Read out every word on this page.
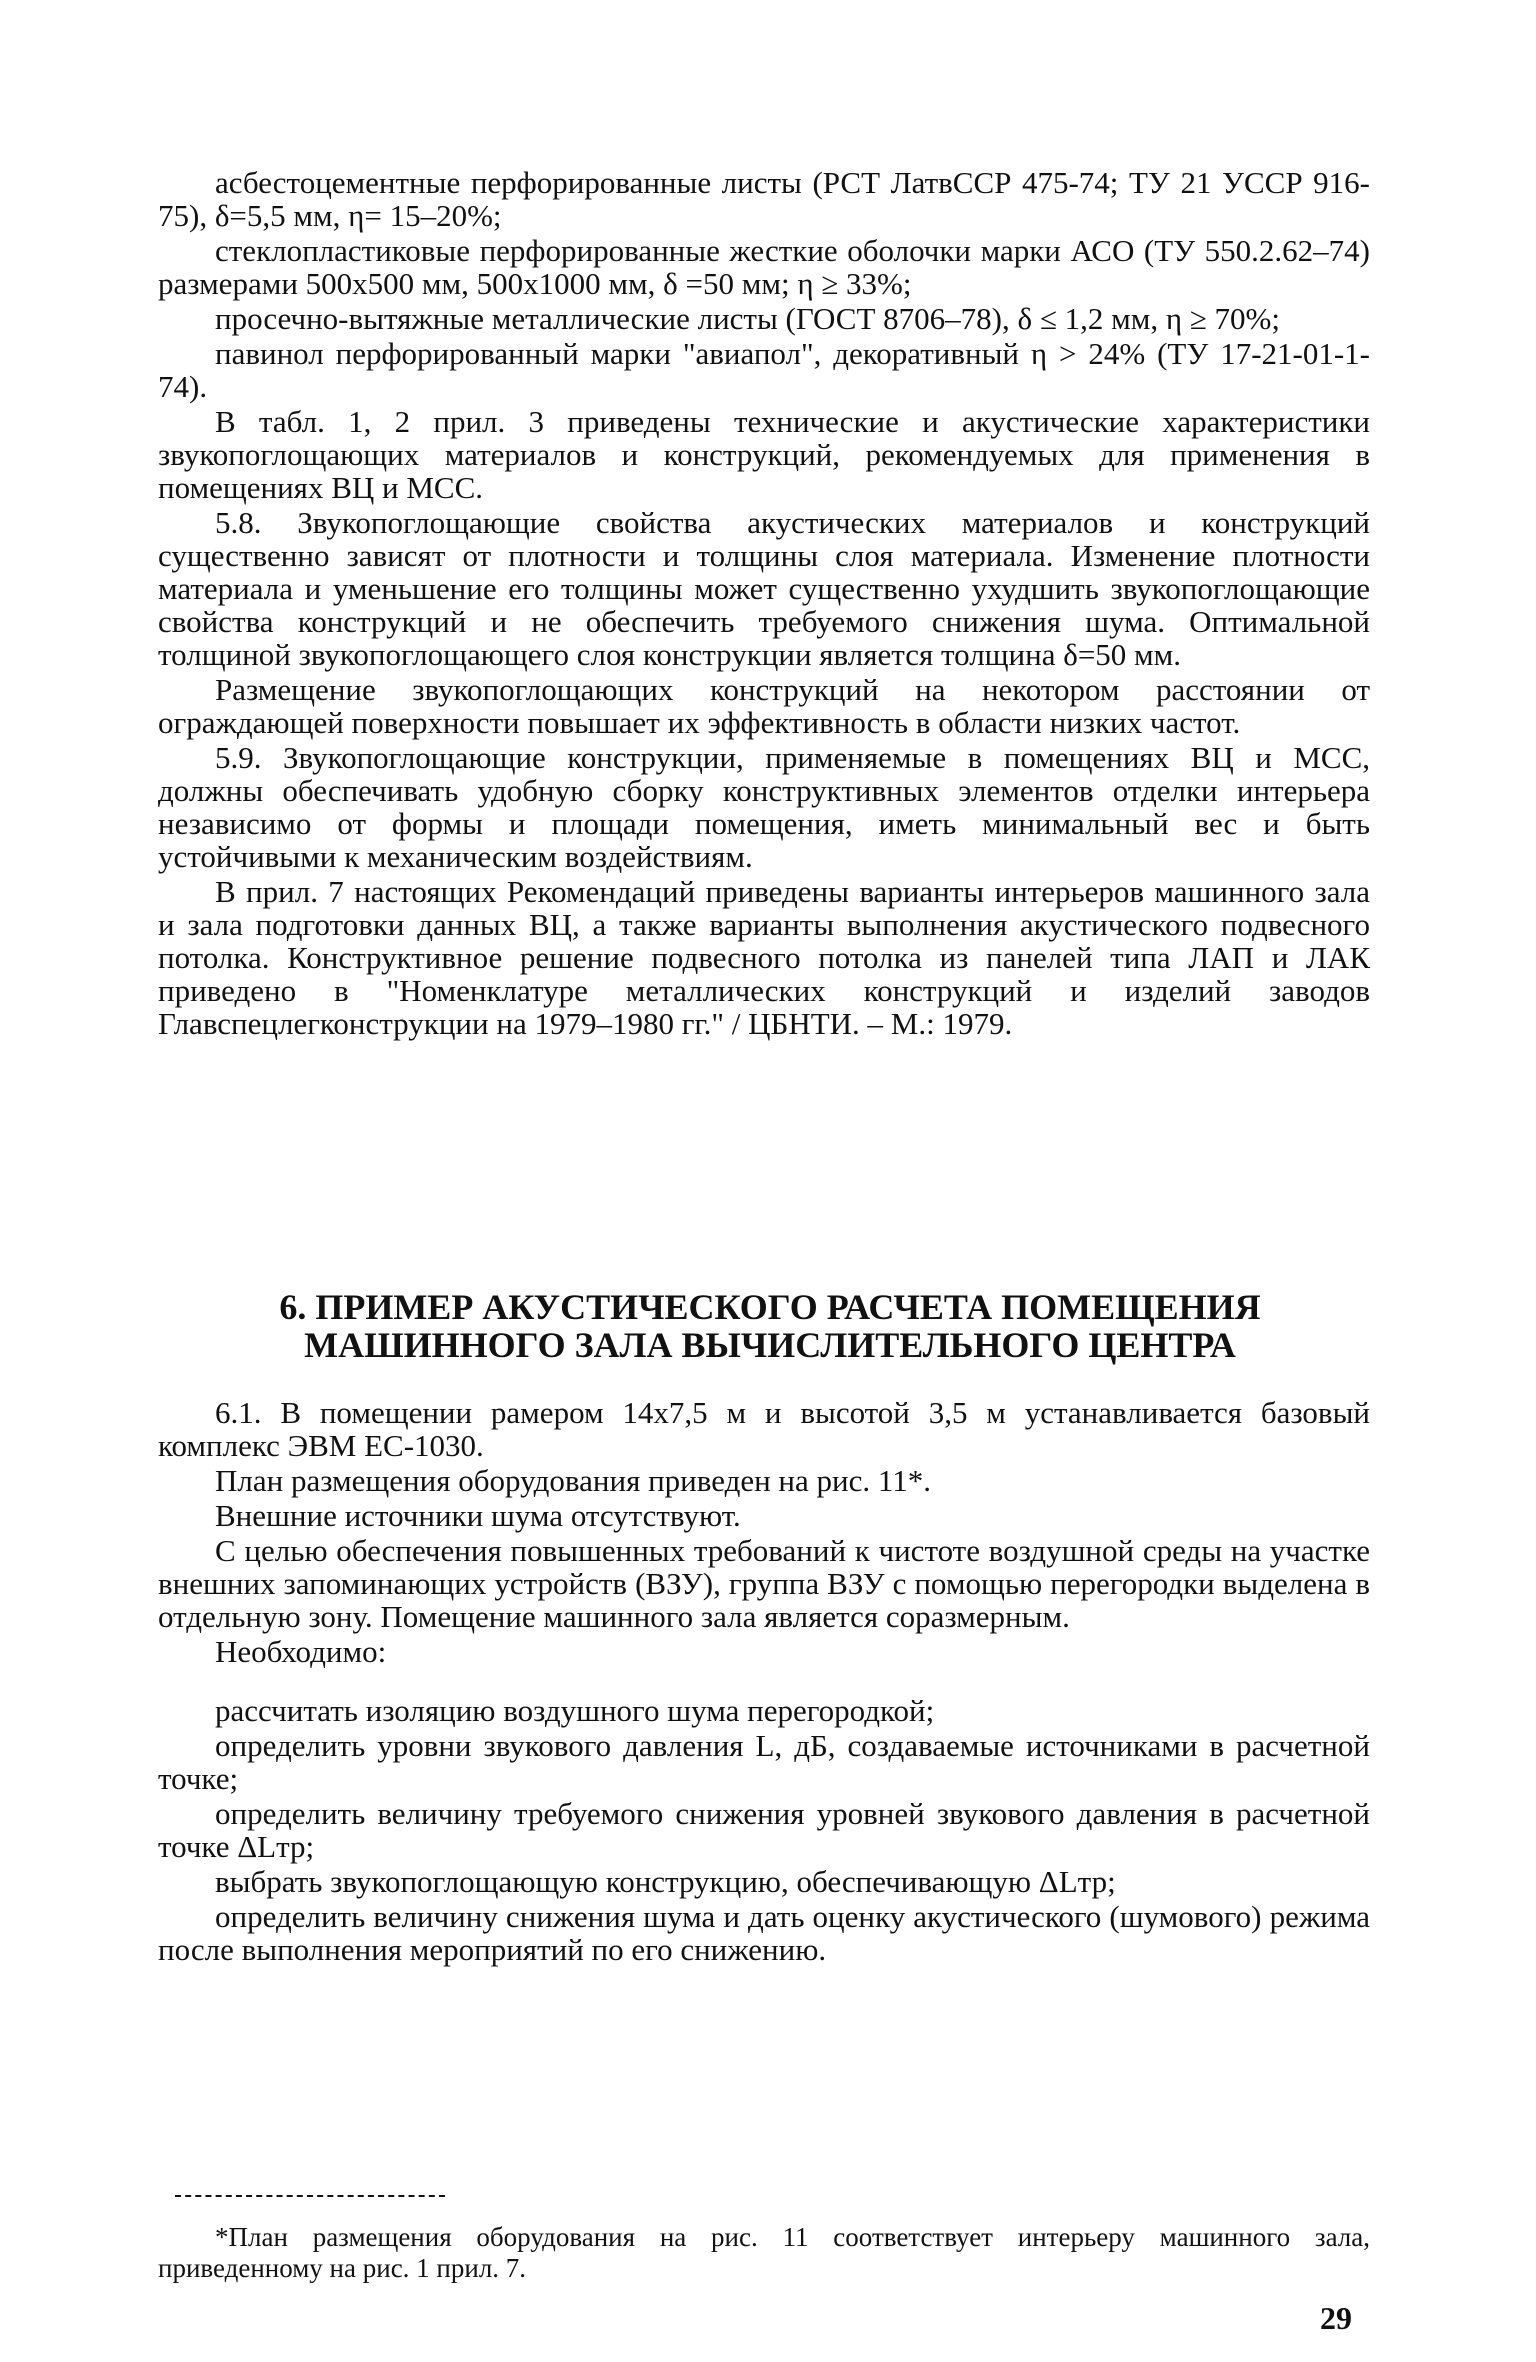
асбестоцементные перфорированные листы (РСТ ЛатвССР 475-74; ТУ 21 УССР 916-75), δ=5,5 мм, η= 15–20%;

стеклопластиковые перфорированные жесткие оболочки марки АСО (ТУ 550.2.62–74) размерами 500х500 мм, 500х1000 мм, δ =50 мм; η ≥ 33%;

просечно-вытяжные металлические листы (ГОСТ 8706–78), δ ≤ 1,2 мм, η ≥ 70%;

павинол перфорированный марки "авиапол", декоративный η > 24% (ТУ 17-21-01-1-74).

В табл. 1, 2 прил. 3 приведены технические и акустические характеристики звукопоглощающих материалов и конструкций, рекомендуемых для применения в помещениях ВЦ и МСС.

5.8. Звукопоглощающие свойства акустических материалов и конструкций существенно зависят от плотности и толщины слоя материала. Изменение плотности материала и уменьшение его толщины может существенно ухудшить звукопоглощающие свойства конструкций и не обеспечить требуемого снижения шума. Оптимальной толщиной звукопоглощающего слоя конструкции является толщина δ=50 мм.

Размещение звукопоглощающих конструкций на некотором расстоянии от ограждающей поверхности повышает их эффективность в области низких частот.

5.9. Звукопоглощающие конструкции, применяемые в помещениях ВЦ и МСС, должны обеспечивать удобную сборку конструктивных элементов отделки интерьера независимо от формы и площади помещения, иметь минимальный вес и быть устойчивыми к механическим воздействиям.

В прил. 7 настоящих Рекомендаций приведены варианты интерьеров машинного зала и зала подготовки данных ВЦ, а также варианты выполнения акустического подвесного потолка. Конструктивное решение подвесного потолка из панелей типа ЛАП и ЛАК приведено в "Номенклатуре металлических конструкций и изделий заводов Главспецлегконструкции на 1979–1980 гг." / ЦБНТИ. – М.: 1979.

6. ПРИМЕР АКУСТИЧЕСКОГО РАСЧЕТА ПОМЕЩЕНИЯ
МАШИННОГО ЗАЛА ВЫЧИСЛИТЕЛЬНОГО ЦЕНТРА

6.1. В помещении рамером 14х7,5 м и высотой 3,5 м устанавливается базовый комплекс ЭВМ ЕС-1030.

План размещения оборудования приведен на рис. 11*.

Внешние источники шума отсутствуют.

С целью обеспечения повышенных требований к чистоте воздушной среды на участке внешних запоминающих устройств (ВЗУ), группа ВЗУ с помощью перегородки выделена в отдельную зону. Помещение машинного зала является соразмерным.

Необходимо:

рассчитать изоляцию воздушного шума перегородкой;

определить уровни звукового давления L, дБ, создаваемые источниками в расчетной точке;

определить величину требуемого снижения уровней звукового давления в расчетной точке ΔLтр;

выбрать звукопоглощающую конструкцию, обеспечивающую ΔLтр;

определить величину снижения шума и дать оценку акустического (шумового) режима после выполнения мероприятий по его снижению.

*План размещения оборудования на рис. 11 соответствует интерьеру машинного зала, приведенному на рис. 1 прил. 7.

29
